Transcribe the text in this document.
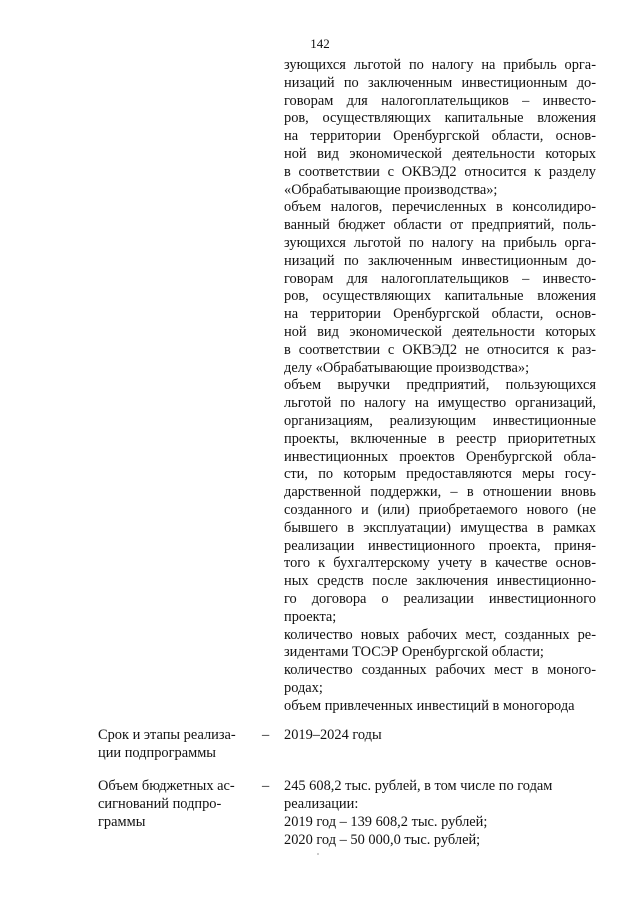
142
зующихся льготой по налогу на прибыль орга-
низаций по заключенным инвестиционным до-
говорам для налогоплательщиков – инвесто-
ров, осуществляющих капитальные вложения
на территории Оренбургской области, основ-
ной вид экономической деятельности которых
в соответствии с ОКВЭД2 относится к разделу
«Обрабатывающие производства»;
объем налогов, перечисленных в консолидиро-
ванный бюджет области от предприятий, поль-
зующихся льготой по налогу на прибыль орга-
низаций по заключенным инвестиционным до-
говорам для налогоплательщиков – инвесто-
ров, осуществляющих капитальные вложения
на территории Оренбургской области, основ-
ной вид экономической деятельности которых
в соответствии с ОКВЭД2 не относится к раз-
делу «Обрабатывающие производства»;
объем выручки предприятий, пользующихся
льготой по налогу на имущество организаций,
организациям, реализующим инвестиционные
проекты, включенные в реестр приоритетных
инвестиционных проектов Оренбургской обла-
сти, по которым предоставляются меры госу-
дарственной поддержки, – в отношении вновь
созданного и (или) приобретаемого нового (не
бывшего в эксплуатации) имущества в рамках
реализации инвестиционного проекта, приня-
того к бухгалтерскому учету в качестве основ-
ных средств после заключения инвестиционно-
го договора о реализации инвестиционного
проекта;
количество новых рабочих мест, созданных ре-
зидентами ТОСЭР Оренбургской области;
количество созданных рабочих мест в моного-
родах;
объем привлеченных инвестиций в моногорода
Срок и этапы реализа-
ции подпрограммы
– 2019–2024 годы
Объем бюджетных ас-
сигнований подпро-
граммы
– 245 608,2 тыс. рублей, в том числе по годам
реализации:
2019 год – 139 608,2 тыс. рублей;
2020 год – 50 000,0 тыс. рублей;
